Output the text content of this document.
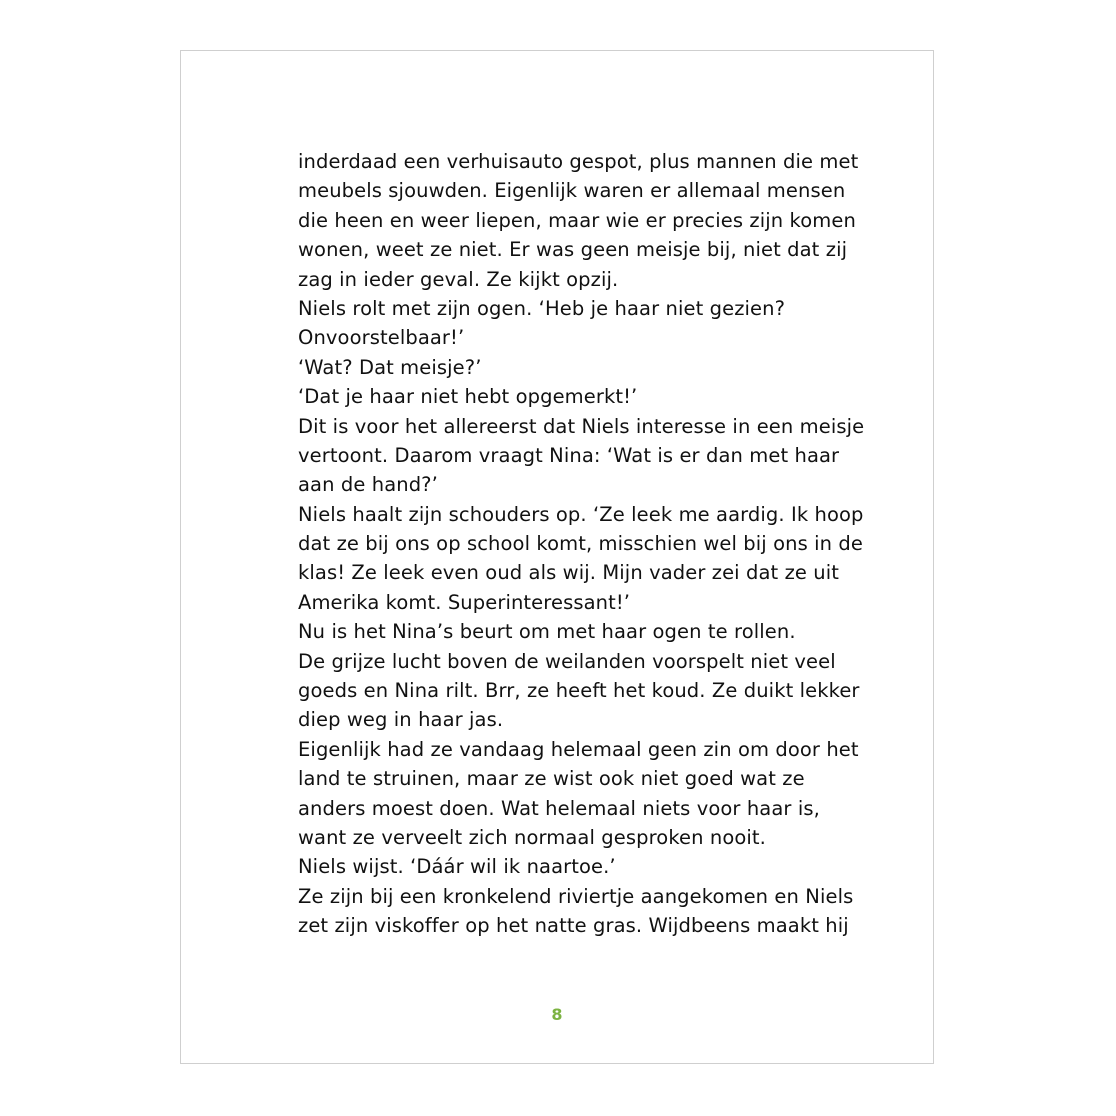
inderdaad een verhuisauto gespot, plus mannen die met
meubels sjouwden. Eigenlijk waren er allemaal mensen
die heen en weer liepen, maar wie er precies zijn komen
wonen, weet ze niet. Er was geen meisje bij, niet dat zij
zag in ieder geval. Ze kijkt opzij.
Niels rolt met zijn ogen. ‘Heb je haar niet gezien?
Onvoorstelbaar!’
‘Wat? Dat meisje?’
‘Dat je haar niet hebt opgemerkt!’
Dit is voor het allereerst dat Niels interesse in een meisje
vertoont. Daarom vraagt Nina: ‘Wat is er dan met haar
aan de hand?’
Niels haalt zijn schouders op. ‘Ze leek me aardig. Ik hoop
dat ze bij ons op school komt, misschien wel bij ons in de
klas! Ze leek even oud als wij. Mijn vader zei dat ze uit
Amerika komt. Superinteressant!’
Nu is het Nina’s beurt om met haar ogen te rollen.
De grijze lucht boven de weilanden voorspelt niet veel
goeds en Nina rilt. Brr, ze heeft het koud. Ze duikt lekker
diep weg in haar jas.
Eigenlijk had ze vandaag helemaal geen zin om door het
land te struinen, maar ze wist ook niet goed wat ze
anders moest doen. Wat helemaal niets voor haar is,
want ze verveelt zich normaal gesproken nooit.
Niels wijst. ‘Dáár wil ik naartoe.’
Ze zijn bij een kronkelend riviertje aangekomen en Niels
zet zijn viskoffer op het natte gras. Wijdbeens maakt hij
8
